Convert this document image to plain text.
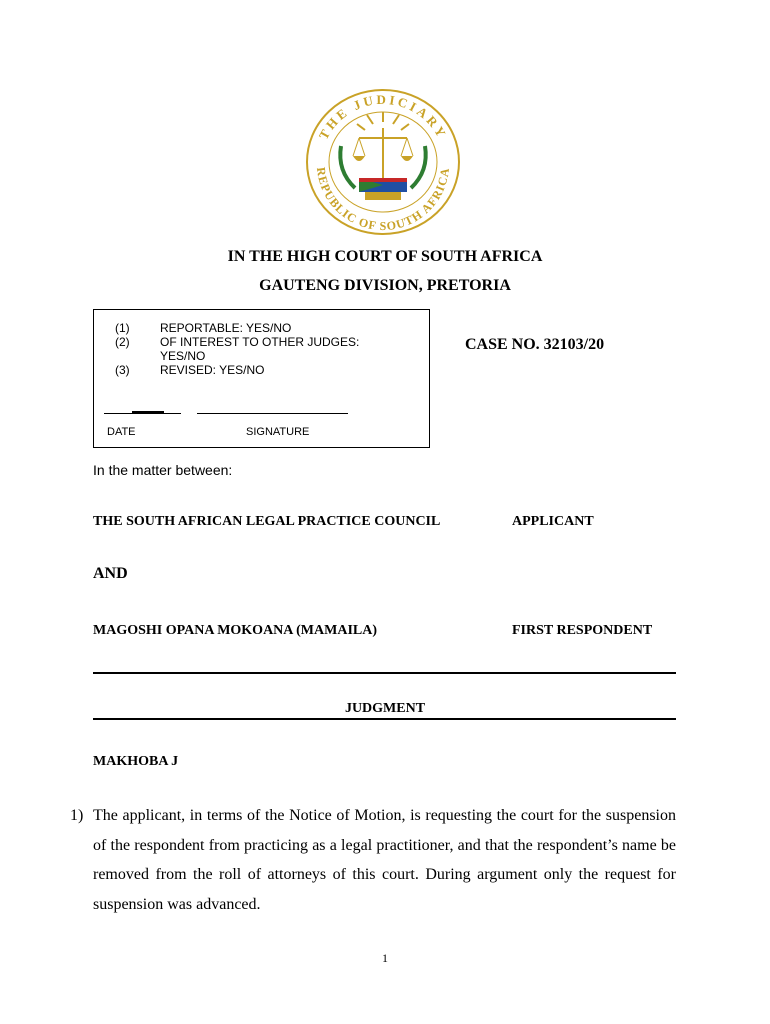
THE JUDICIARY
REPUBLIC OF SOUTH AFRICA
IN THE HIGH COURT OF SOUTH AFRICA
GAUTENG DIVISION, PRETORIA
(1)	REPORTABLE: YES/NO
(2)	OF INTEREST TO OTHER JUDGES: YES/NO
(3)	REVISED: YES/NO
DATE	SIGNATURE
CASE NO. 32103/20
In the matter between:
THE SOUTH AFRICAN LEGAL PRACTICE COUNCIL	APPLICANT
AND
MAGOSHI OPANA MOKOANA (MAMAILA)	FIRST RESPONDENT
JUDGMENT
MAKHOBA J
1) The applicant, in terms of the Notice of Motion, is requesting the court for the suspension of the respondent from practicing as a legal practitioner, and that the respondent’s name be removed from the roll of attorneys of this court. During argument only the request for suspension was advanced.
1
